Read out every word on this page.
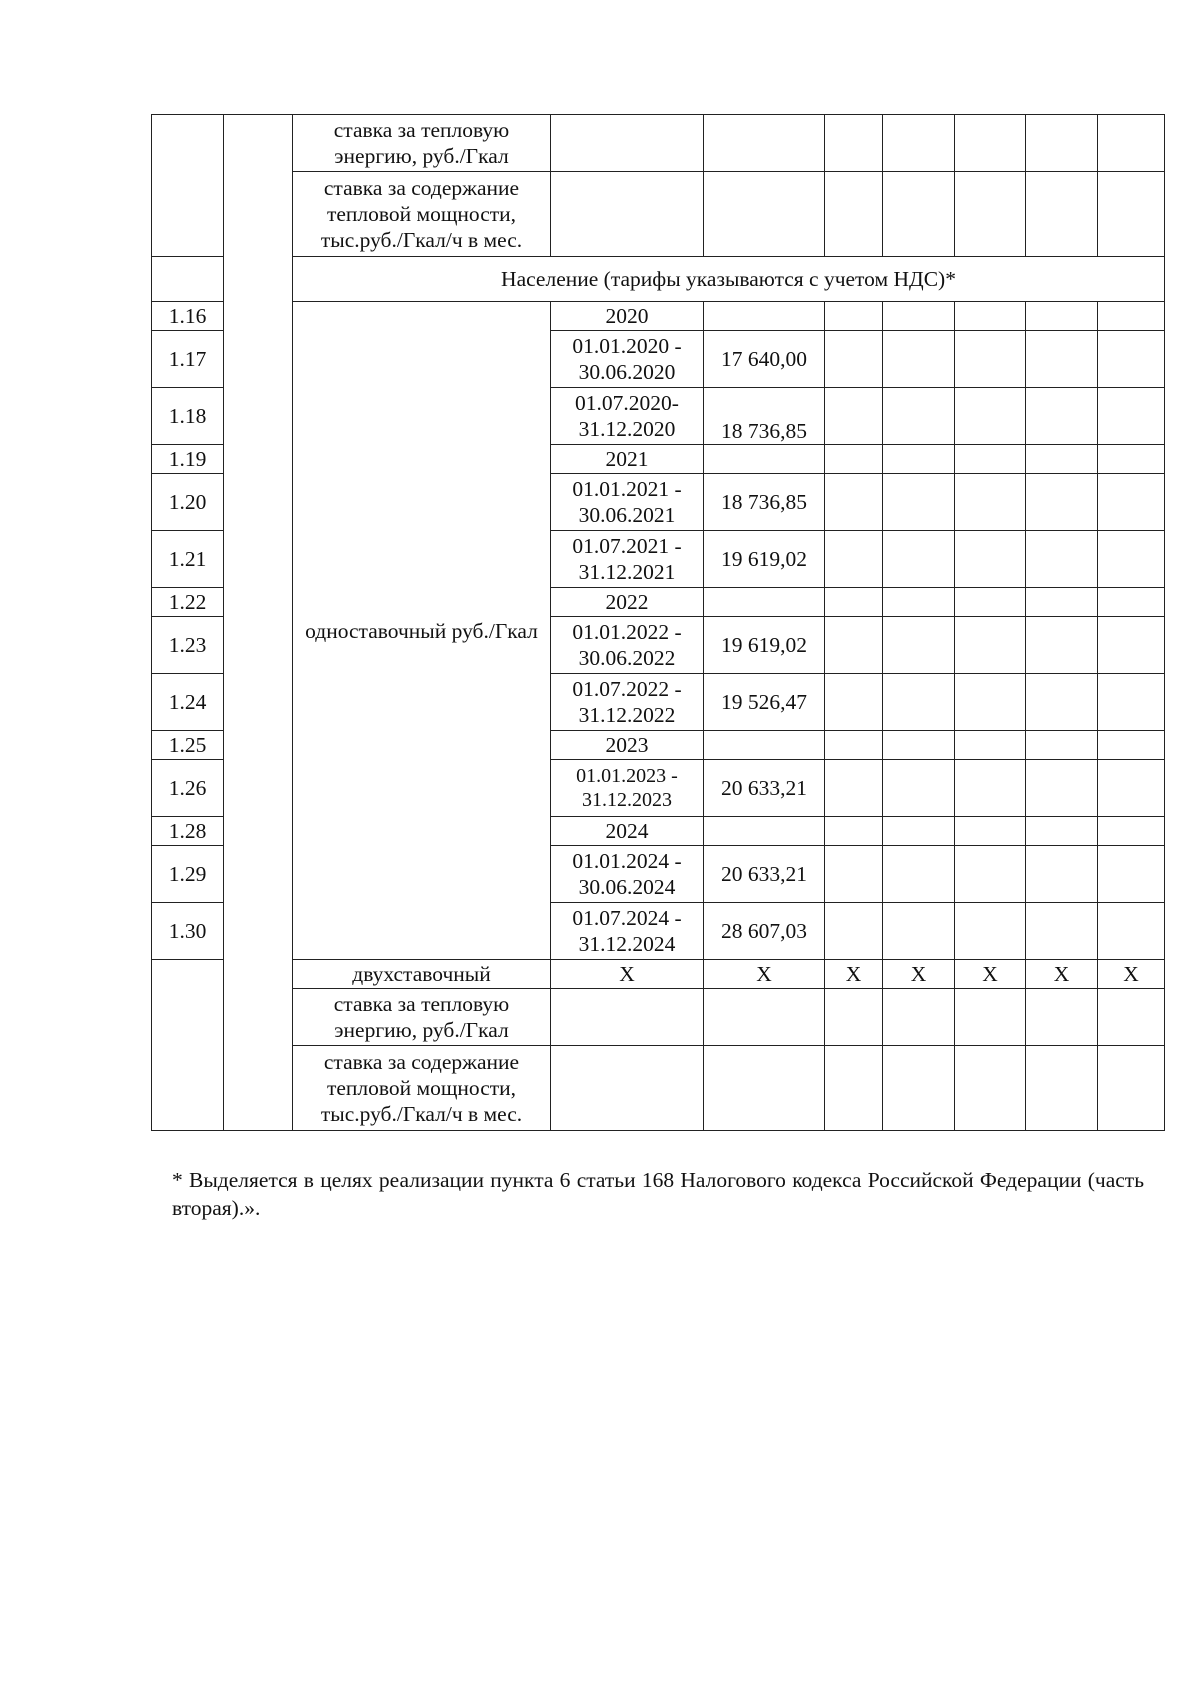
		ставка за тепловую энергию, руб./Гкал								
		ставка за содержание тепловой мощности, тыс.руб./Гкал/ч в мес.								
		Население (тарифы указываются с учетом НДС)*								
1.16		одноставочный руб./Гкал	2020							
1.17			01.01.2020 - 30.06.2020	17 640,00						
1.18			01.07.2020- 31.12.2020	18 736,85						
1.19			2021							
1.20			01.01.2021 - 30.06.2021	18 736,85						
1.21			01.07.2021 - 31.12.2021	19 619,02						
1.22			2022							
1.23			01.01.2022 - 30.06.2022	19 619,02						
1.24			01.07.2022 - 31.12.2022	19 526,47						
1.25			2023							
1.26			01.01.2023 - 31.12.2023	20 633,21						
1.28			2024							
1.29			01.01.2024 - 30.06.2024	20 633,21						
1.30			01.07.2024 - 31.12.2024	28 607,03						
		двухставочный	X	X	X	X	X	X	X	
		ставка за тепловую энергию, руб./Гкал								
		ставка за содержание тепловой мощности, тыс.руб./Гкал/ч в мес.								
* Выделяется в целях реализации пункта 6 статьи 168 Налогового кодекса Российской Федерации (часть вторая).».
